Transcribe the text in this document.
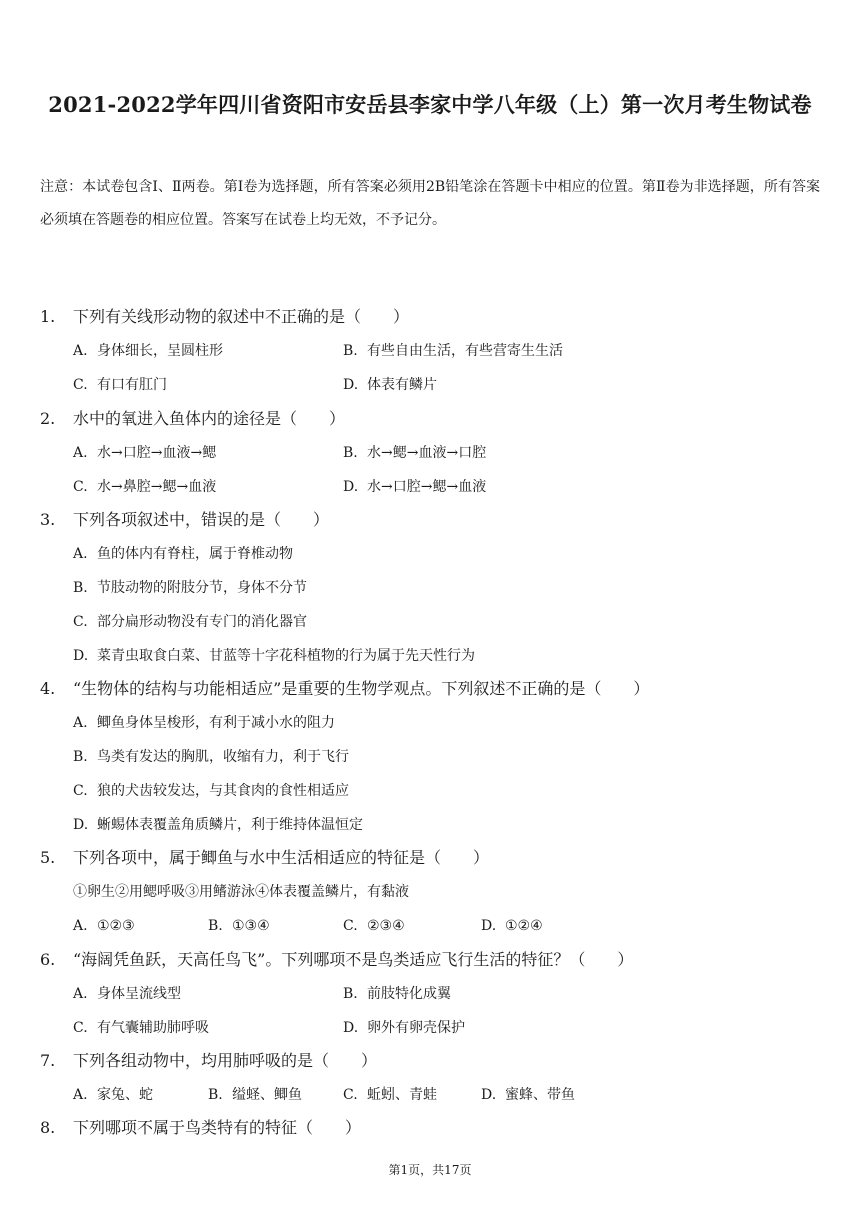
2021-2022学年四川省资阳市安岳县李家中学八年级（上）第一次月考生物试卷
注意：本试卷包含Ⅰ、Ⅱ两卷。第Ⅰ卷为选择题，所有答案必须用2B铅笔涂在答题卡中相应的位置。第Ⅱ卷为非选择题，所有答案必须填在答题卷的相应位置。答案写在试卷上均无效，不予记分。
1. 下列有关线形动物的叙述中不正确的是（　　）
A. 身体细长，呈圆柱形	B. 有些自由生活，有些营寄生生活
C. 有口有肛门	D. 体表有鳞片
2. 水中的氧进入鱼体内的途径是（　　）
A. 水→口腔→血液→鳃	B. 水→鳃→血液→口腔
C. 水→鼻腔→鳃→血液	D. 水→口腔→鳃→血液
3. 下列各项叙述中，错误的是（　　）
A. 鱼的体内有脊柱，属于脊椎动物
B. 节肢动物的附肢分节，身体不分节
C. 部分扁形动物没有专门的消化器官
D. 菜青虫取食白菜、甘蓝等十字花科植物的行为属于先天性行为
4. “生物体的结构与功能相适应”是重要的生物学观点。下列叙述不正确的是（　　）
A. 鲫鱼身体呈梭形，有利于减小水的阻力
B. 鸟类有发达的胸肌，收缩有力，利于飞行
C. 狼的犬齿较发达，与其食肉的食性相适应
D. 蜥蜴体表覆盖角质鳞片，利于维持体温恒定
5. 下列各项中，属于鲫鱼与水中生活相适应的特征是（　　）
①卵生②用鳃呼吸③用鳍游泳④体表覆盖鳞片，有黏液
A. ①②③	B. ①③④	C. ②③④	D. ①②④
6. “海阔凭鱼跃，天高任鸟飞”。下列哪项不是鸟类适应飞行生活的特征？（　　）
A. 身体呈流线型	B. 前肢特化成翼
C. 有气囊辅助肺呼吸	D. 卵外有卵壳保护
7. 下列各组动物中，均用肺呼吸的是（　　）
A. 家兔、蛇	B. 缢蛏、鲫鱼	C. 蚯蚓、青蛙	D. 蜜蜂、带鱼
8. 下列哪项不属于鸟类特有的特征（　　）
第1页，共17页
